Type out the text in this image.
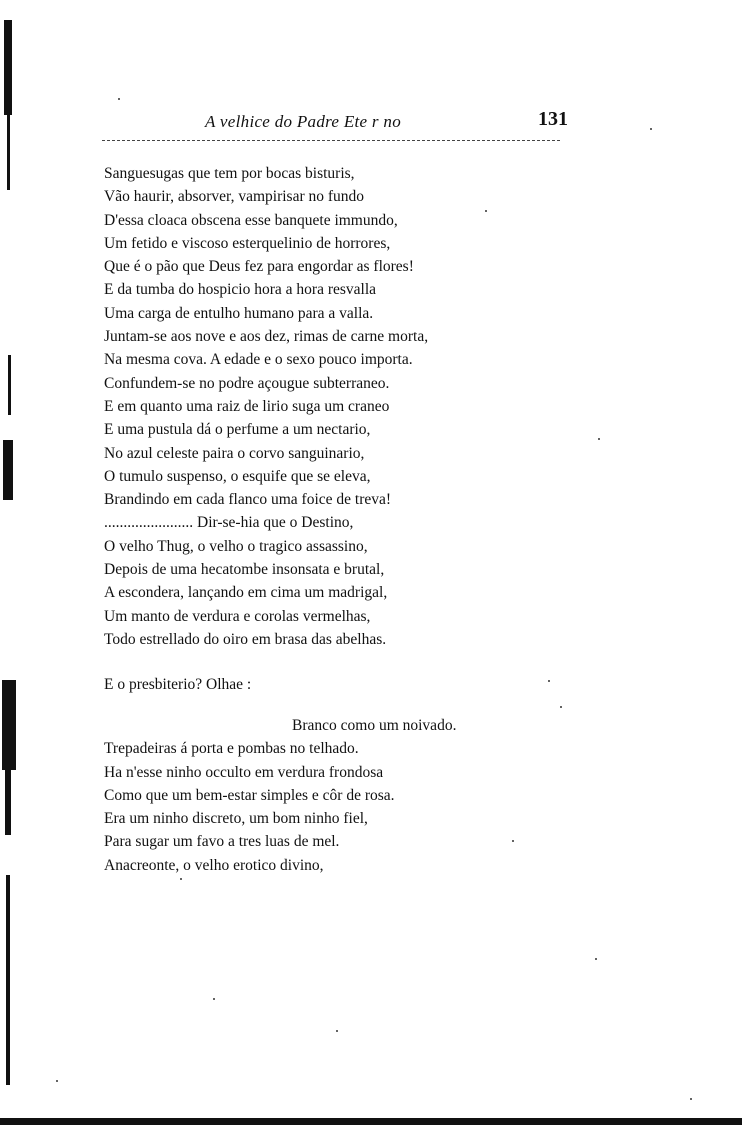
A velhice do Padre Ete r no	131
Sanguesugas que tem por bocas bisturis,
Vão haurir, absorver, vampirisar no fundo
D'essa cloaca obscena esse banquete immundo,
Um fetido e viscoso esterquelinio de horrores,
Que é o pão que Deus fez para engordar as flores!
E da tumba do hospicio hora a hora resvalla
Uma carga de entulho humano para a valla.
Juntam-se aos nove e aos dez, rimas de carne morta,
Na mesma cova. A edade e o sexo pouco importa.
Confundem-se no podre açougue subterraneo.
E em quanto uma raiz de lirio suga um craneo
E uma pustula dá o perfume a um nectario,
No azul celeste paira o corvo sanguinario,
O tumulo suspenso, o esquife que se eleva,
Brandindo em cada flanco uma foice de treva!
....................... Dir-se-hia que o Destino,
O velho Thug, o velho o tragico assassino,
Depois de uma hecatombe insonsata e brutal,
A escondera, lançando em cima um madrigal,
Um manto de verdura e corolas vermelhas,
Todo estrellado do oiro em brasa das abelhas.
E o presbiterio? Olhae :
Branco como um noivado.
Trepadeiras á porta e pombas no telhado.
Ha n'esse ninho occulto em verdura frondosa
Como que um bem-estar simples e côr de rosa.
Era um ninho discreto, um bom ninho fiel,
Para sugar um favo a tres luas de mel.
Anacreonte, o velho erotico divino,
